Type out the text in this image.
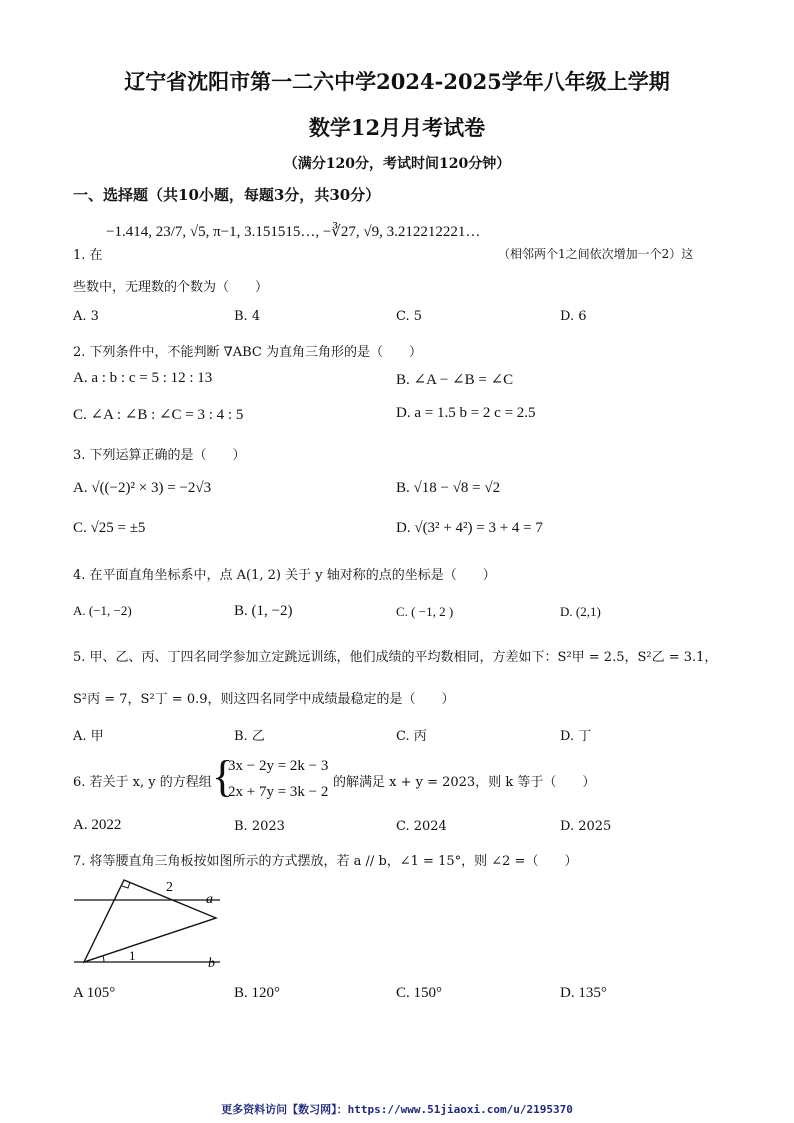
辽宁省沈阳市第一二六中学2024-2025学年八年级上学期
数学12月月考试卷
（满分120分，考试时间120分钟）
一、选择题（共10小题，每题3分，共30分）
−1.414, 23/7, √5, π−1, 3.151515…, −∛27, √9, 3.212212221…
1. 在	（相邻两个1之间依次增加一个2）这
些数中，无理数的个数为（　　）
A. 3	B. 4	C. 5	D. 6
2. 下列条件中，不能判断 ∇ABC 为直角三角形的是（　　）
A. a : b : c = 5 : 12 : 13	B. ∠A − ∠B = ∠C
C. ∠A : ∠B : ∠C = 3 : 4 : 5	D. a = 1.5 b = 2 c = 2.5
3. 下列运算正确的是（　　）
A. √((−2)² × 3) = −2√3	B. √18 − √8 = √2
C. √25 = ±5	D. √(3² + 4²) = 3 + 4 = 7
4. 在平面直角坐标系中，点 A(1, 2) 关于 y 轴对称的点的坐标是（　　）
A. (−1, −2)	B. (1, −2)	C. ( −1, 2 )	D. (2,1)
5. 甲、乙、丙、丁四名同学参加立定跳远训练，他们成绩的平均数相同，方差如下：S²甲 = 2.5，S²乙 = 3.1，
S²丙 = 7，S²丁 = 0.9，则这四名同学中成绩最稳定的是（　　）
A. 甲	B. 乙	C. 丙	D. 丁
6. 若关于 x, y 的方程组 {
3x − 2y = 2k − 3
2x + 7y = 3k − 2
的解满足 x + y = 2023，则 k 等于（　　）
A. 2022	B. 2023	C. 2024	D. 2025
7. 将等腰直角三角板按如图所示的方式摆放，若 a // b，∠1 = 15°，则 ∠2 =（　　）
a
b
1
2
A 105°	B. 120°	C. 150°	D. 135°
更多资料访问【数习网】：https://www.51jiaoxi.com/u/2195370
